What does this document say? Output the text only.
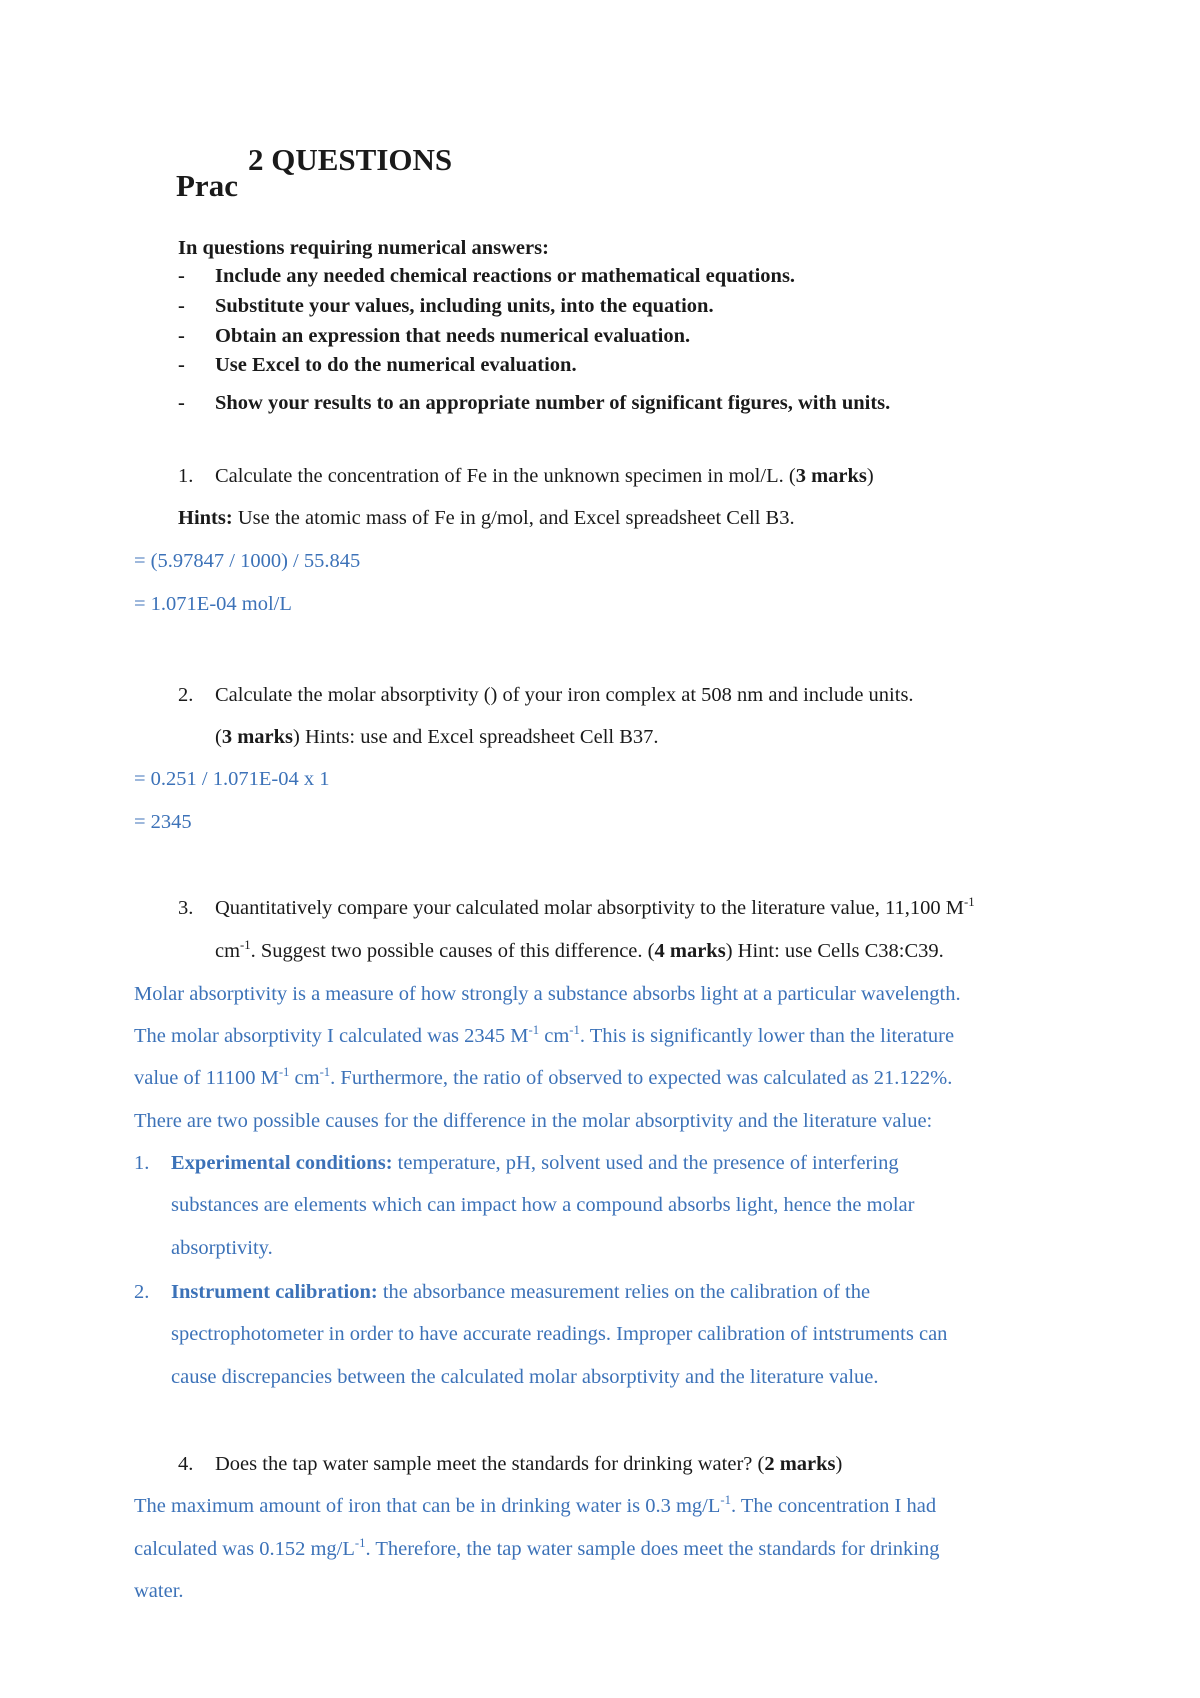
Prac
2 QUESTIONS
In questions requiring numerical answers:
- Include any needed chemical reactions or mathematical equations.
- Substitute your values, including units, into the equation.
- Obtain an expression that needs numerical evaluation.
- Use Excel to do the numerical evaluation.
- Show your results to an appropriate number of significant figures, with units.
1. Calculate the concentration of Fe in the unknown specimen in mol/L. (3 marks)
Hints: Use the atomic mass of Fe in g/mol, and Excel spreadsheet Cell B3.
= (5.97847 / 1000) / 55.845
= 1.071E-04 mol/L
2. Calculate the molar absorptivity () of your iron complex at 508 nm and include units.
(3 marks) Hints: use and Excel spreadsheet Cell B37.
= 0.251 / 1.071E-04 x 1
= 2345
3. Quantitatively compare your calculated molar absorptivity to the literature value, 11,100 $M^{-1}$
$cm^{-1}$. Suggest two possible causes of this difference. (4 marks) Hint: use Cells C38:C39.
Molar absorptivity is a measure of how strongly a substance absorbs light at a particular wavelength.
The molar absorptivity I calculated was 2345 $M^{-1}$ $cm^{-1}$. This is significantly lower than the literature
value of 11100 $M^{-1}$ $cm^{-1}$. Furthermore, the ratio of observed to expected was calculated as 21.122%.
There are two possible causes for the difference in the molar absorptivity and the literature value:
1. Experimental conditions: temperature, pH, solvent used and the presence of interfering
substances are elements which can impact how a compound absorbs light, hence the molar
absorptivity.
2. Instrument calibration: the absorbance measurement relies on the calibration of the
spectrophotometer in order to have accurate readings. Improper calibration of intstruments can
cause discrepancies between the calculated molar absorptivity and the literature value.
4. Does the tap water sample meet the standards for drinking water? (2 marks)
The maximum amount of iron that can be in drinking water is 0.3 $mg/L^{-1}$. The concentration I had
calculated was 0.152 $mg/L^{-1}$. Therefore, the tap water sample does meet the standards for drinking
water.
